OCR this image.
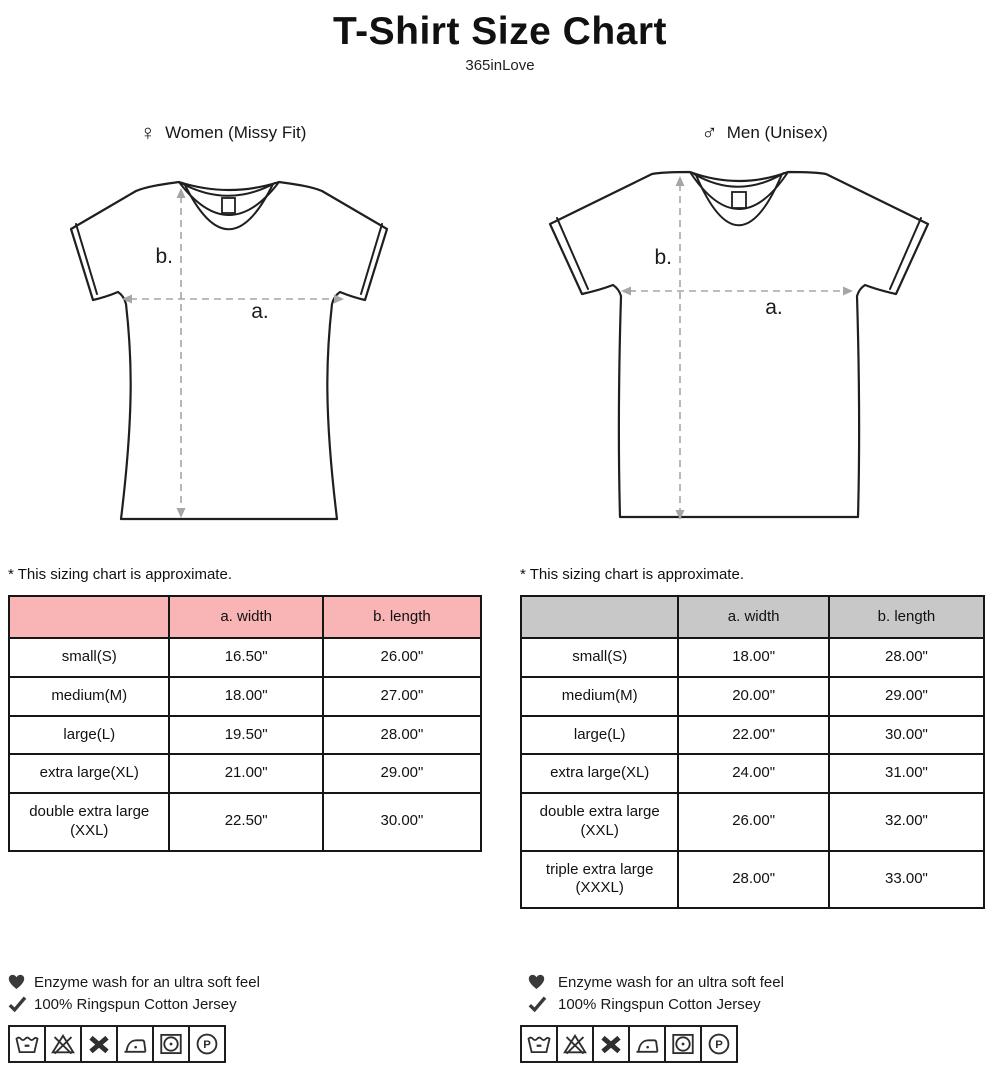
T-Shirt Size Chart
365inLove
♀ Women (Missy Fit)
b.
a.
* This sizing chart is approximate.
	a. width	b. length
small(S)	16.50"	26.00"
medium(M)	18.00"	27.00"
large(L)	19.50"	28.00"
extra large(XL)	21.00"	29.00"
double extra large (XXL)	22.50"	30.00"
Enzyme wash for an ultra soft feel
100% Ringspun Cotton Jersey
P
♂ Men (Unisex)
b.
a.
* This sizing chart is approximate.
	a. width	b. length
small(S)	18.00"	28.00"
medium(M)	20.00"	29.00"
large(L)	22.00"	30.00"
extra large(XL)	24.00"	31.00"
double extra large (XXL)	26.00"	32.00"
triple extra large (XXXL)	28.00"	33.00"
Enzyme wash for an ultra soft feel
100% Ringspun Cotton Jersey
P
